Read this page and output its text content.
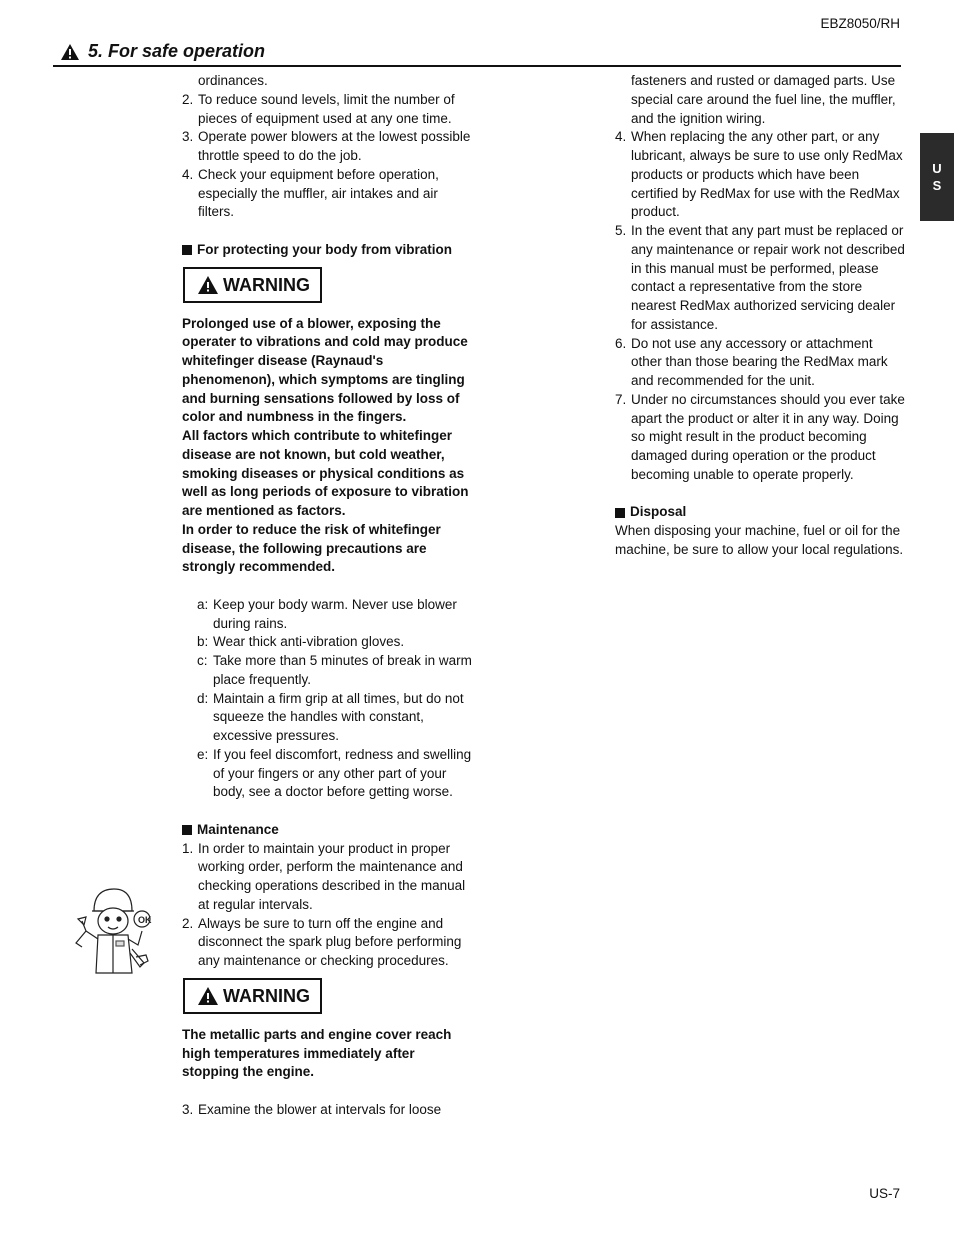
EBZ8050/RH
5. For safe operation
U
S
OK

ordinances.

2. To reduce sound levels, limit the number of pieces of equipment used at any one time.
3. Operate power blowers at the lowest possible throttle speed to do the job.
4. Check your equipment before operation, especially the muffler, air intakes and air filters.
For protecting your body from vibration
WARNING

Prolonged use of a blower, exposing the operater to vibrations and cold may produce whitefinger disease (Raynaud's phenomenon), which symptoms are tingling and burning sensations followed by loss of color and numbness in the fingers.

All factors which contribute to whitefinger disease are not known, but cold weather, smoking diseases or physical conditions as well as long periods of exposure to vibration are mentioned as factors.

In order to reduce the risk of whitefinger disease, the following precautions are strongly recommended.

a: Keep your body warm. Never use blower during rains.
b: Wear thick anti-vibration gloves.
c: Take more than 5 minutes of break in warm place frequently.
d: Maintain a firm grip at all times, but do not squeeze the handles with constant, excessive pressures.
e: If you feel discomfort, redness and swelling of your fingers or any other part of your body, see a doctor before getting worse.
Maintenance
1. In order to maintain your product in proper working order, perform the maintenance and checking operations described in the manual at regular intervals.
2. Always be sure to turn off the engine and disconnect the spark plug before performing any maintenance or checking procedures.
WARNING

The metallic parts and engine cover reach high temperatures immediately after stopping the engine.

3. Examine the blower at intervals for loose

fasteners and rusted or damaged parts. Use special care around the fuel line, the muffler, and the ignition wiring.

4. When replacing the any other part, or any lubricant, always be sure to use only RedMax products or products which have been certified by RedMax for use with the RedMax product.
5. In the event that any part must be replaced or any maintenance or repair work not described in this manual must be performed, please contact a representative from the store nearest RedMax authorized servicing dealer for assistance.
6. Do not use any accessory or attachment other than those bearing the RedMax mark and recommended for the unit.
7. Under no circumstances should you ever take apart the product or alter it in any way. Doing so might result in the product becoming damaged during operation or the product becoming unable to operate properly.
Disposal

When disposing your machine, fuel or oil for the machine, be sure to allow your local regulations.

US-7
